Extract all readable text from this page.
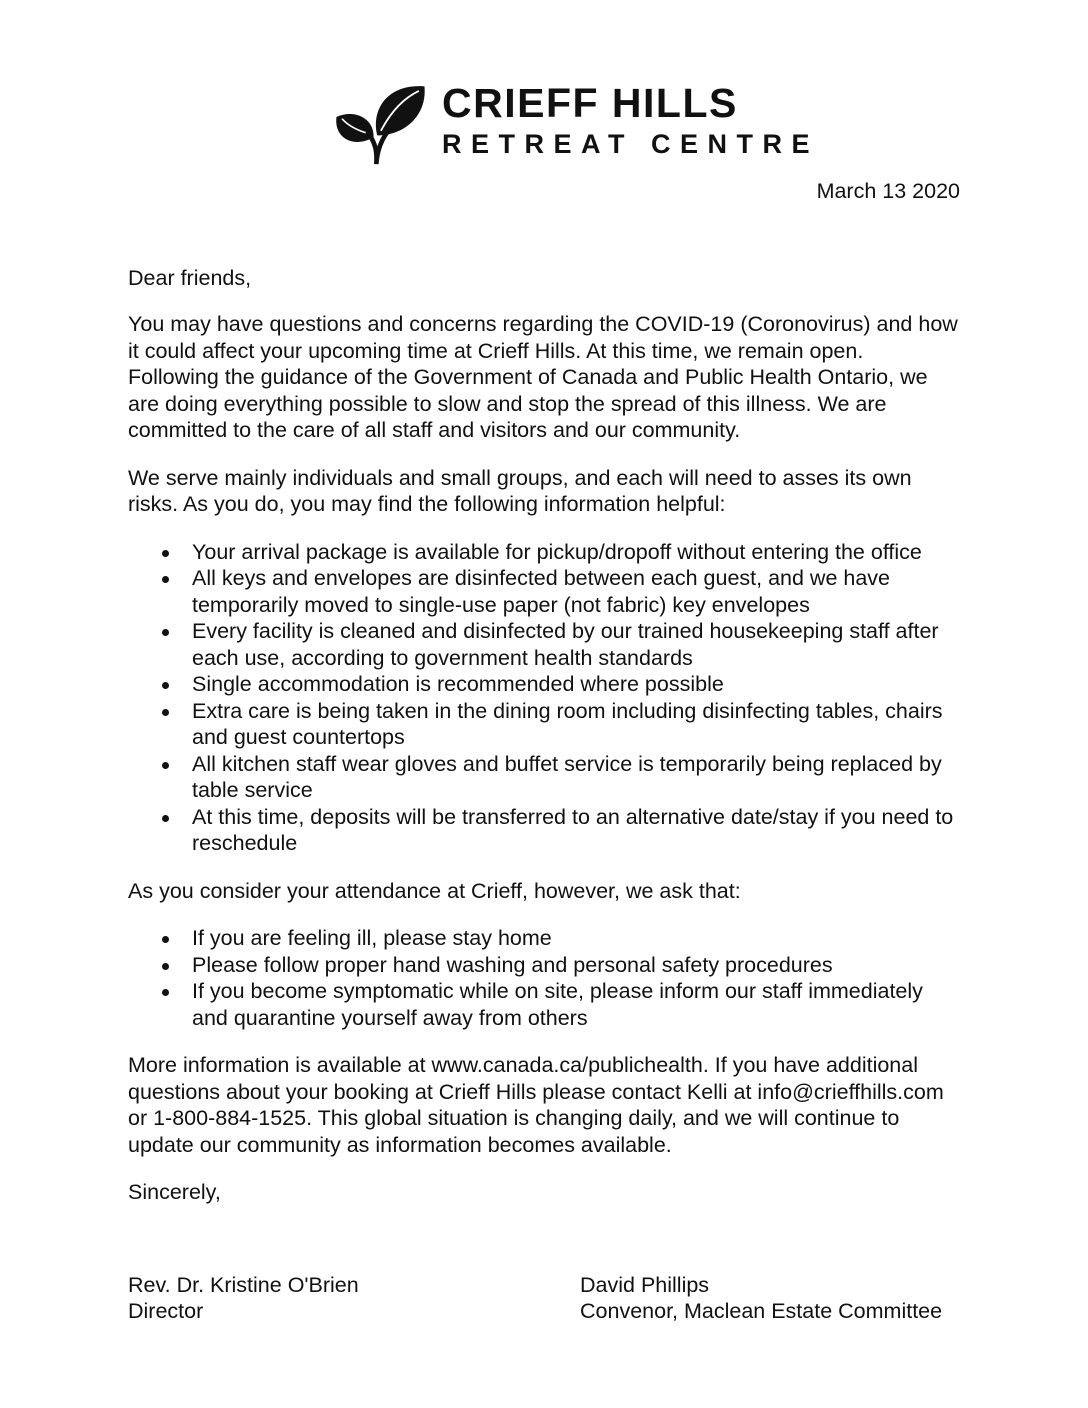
CRIEFF HILLS
RETREAT CENTRE
March 13 2020

Dear friends,

You may have questions and concerns regarding the COVID-19 (Coronovirus) and how it could affect your upcoming time at Crieff Hills. At this time, we remain open. Following the guidance of the Government of Canada and Public Health Ontario, we are doing everything possible to slow and stop the spread of this illness. We are committed to the care of all staff and visitors and our community.

We serve mainly individuals and small groups, and each will need to asses its own risks. As you do, you may find the following information helpful:

Your arrival package is available for pickup/dropoff without entering the office
All keys and envelopes are disinfected between each guest, and we have temporarily moved to single-use paper (not fabric) key envelopes
Every facility is cleaned and disinfected by our trained housekeeping staff after each use, according to government health standards
Single accommodation is recommended where possible
Extra care is being taken in the dining room including disinfecting tables, chairs and guest countertops
All kitchen staff wear gloves and buffet service is temporarily being replaced by table service
At this time, deposits will be transferred to an alternative date/stay if you need to reschedule

As you consider your attendance at Crieff, however, we ask that:

If you are feeling ill, please stay home
Please follow proper hand washing and personal safety procedures
If you become symptomatic while on site, please inform our staff immediately and quarantine yourself away from others

More information is available at www.canada.ca/publichealth. If you have additional questions about your booking at Crieff Hills please contact Kelli at info@crieffhills.com or 1-800-884-1525. This global situation is changing daily, and we will continue to update our community as information becomes available.

Sincerely,

Rev. Dr. Kristine O'Brien
Director
David Phillips
Convenor, Maclean Estate Committee
